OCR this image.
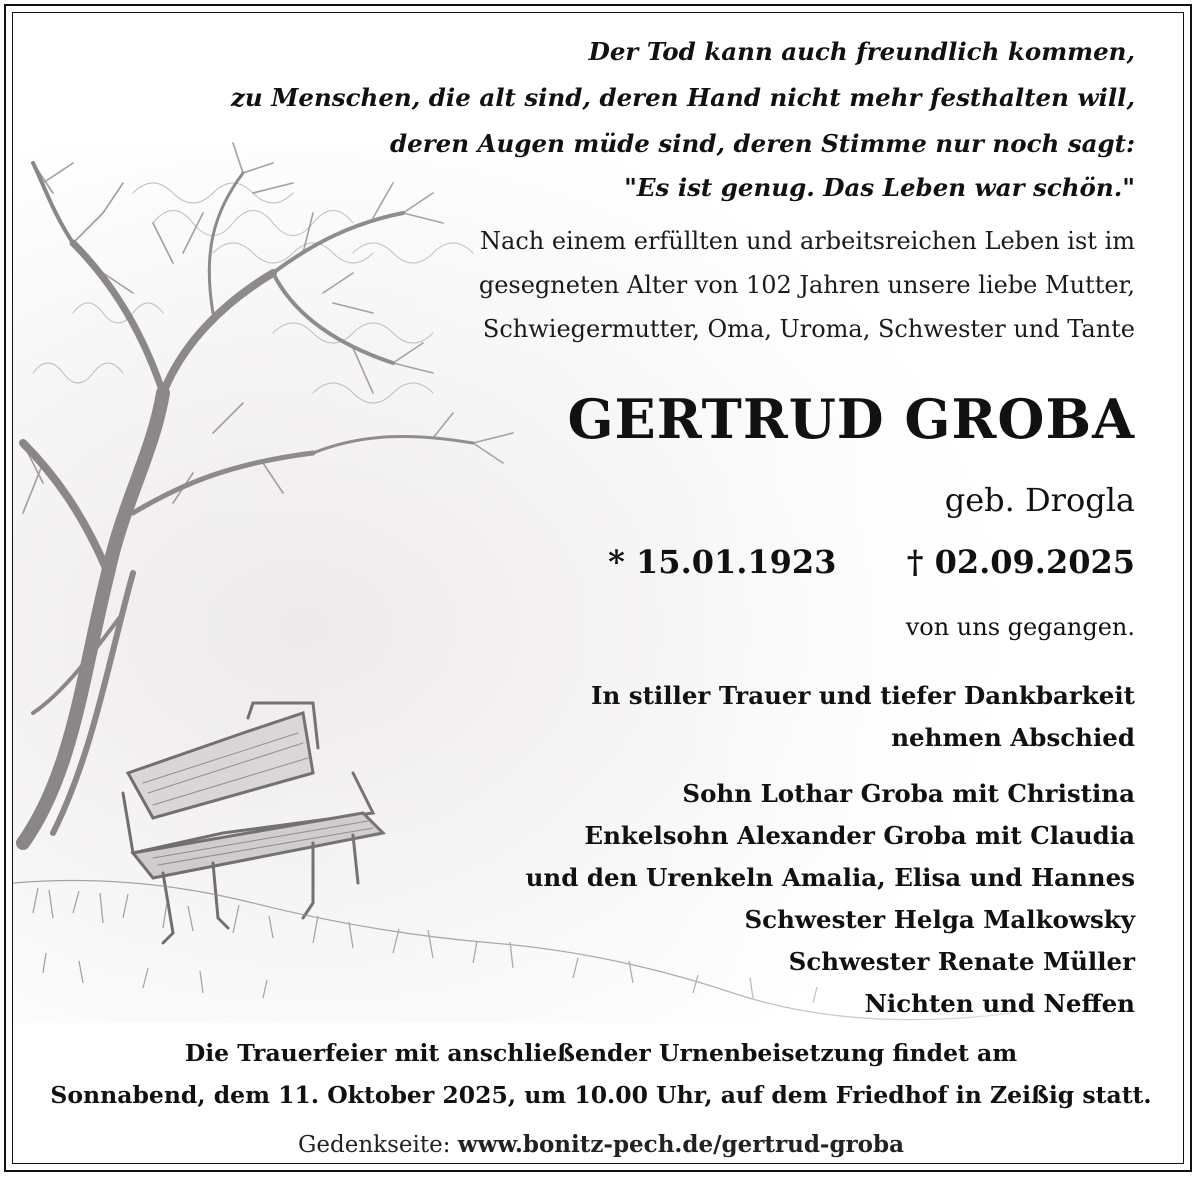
Der Tod kann auch freundlich kommen,
zu Menschen, die alt sind, deren Hand nicht mehr festhalten will,
deren Augen müde sind, deren Stimme nur noch sagt:
"Es ist genug. Das Leben war schön."
Nach einem erfüllten und arbeitsreichen Leben ist im
gesegneten Alter von 102 Jahren unsere liebe Mutter,
Schwiegermutter, Oma, Uroma, Schwester und Tante
GERTRUD GROBA
geb. Drogla
* 15.01.1923 † 02.09.2025
von uns gegangen.
In stiller Trauer und tiefer Dankbarkeit
nehmen Abschied
Sohn Lothar Groba mit Christina
Enkelsohn Alexander Groba mit Claudia
und den Urenkeln Amalia, Elisa und Hannes
Schwester Helga Malkowsky
Schwester Renate Müller
Nichten und Neffen
Die Trauerfeier mit anschließender Urnenbeisetzung findet am
Sonnabend, dem 11. Oktober 2025, um 10.00 Uhr, auf dem Friedhof in Zeißig statt.
Gedenkseite: www.bonitz-pech.de/gertrud-groba
